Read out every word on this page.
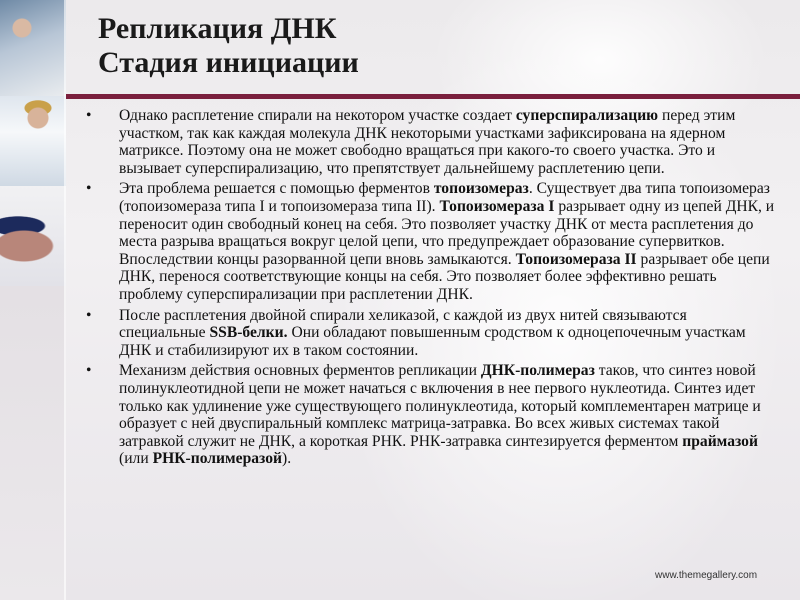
Репликация ДНК
Стадия инициации
• Однако расплетение спирали на некотором участке создает суперспирализацию перед этим участком, так как каждая молекула ДНК некоторыми участками зафиксирована на ядерном матриксе. Поэтому она не может свободно вращаться при какого-то своего участка. Это и вызывает суперспирализацию, что препятствует дальнейшему расплетению цепи.
• Эта проблема решается с помощью ферментов топоизомераз. Существует два типа топоизомераз (топоизомераза типа I и топоизомераза типа II). Топоизомераза I разрывает одну из цепей ДНК, и переносит один свободный конец на себя. Это позволяет участку ДНК от места расплетения до места разрыва вращаться вокруг целой цепи, что предупреждает образование супервитков. Впоследствии концы разорванной цепи вновь замыкаются. Топоизомераза II разрывает обе цепи ДНК, перенося соответствующие концы на себя. Это позволяет более эффективно решать проблему суперспирализации при расплетении ДНК.
• После расплетения двойной спирали хеликазой, с каждой из двух нитей связываются специальные SSB-белки. Они обладают повышенным сродством к одноцепочечным участкам ДНК и стабилизируют их в таком состоянии.
• Механизм действия основных ферментов репликации ДНК-полимераз таков, что синтез новой полинуклеотидной цепи не может начаться с включения в нее первого нуклеотида. Синтез идет только как удлинение уже существующего полинуклеотида, который комплементарен матрице и образует с ней двуспиральный комплекс матрица-затравка. Во всех живых системах такой затравкой служит не ДНК, а короткая РНК. РНК-затравка синтезируется ферментом праймазой (или РНК-полимеразой).
www.themegallery.com
